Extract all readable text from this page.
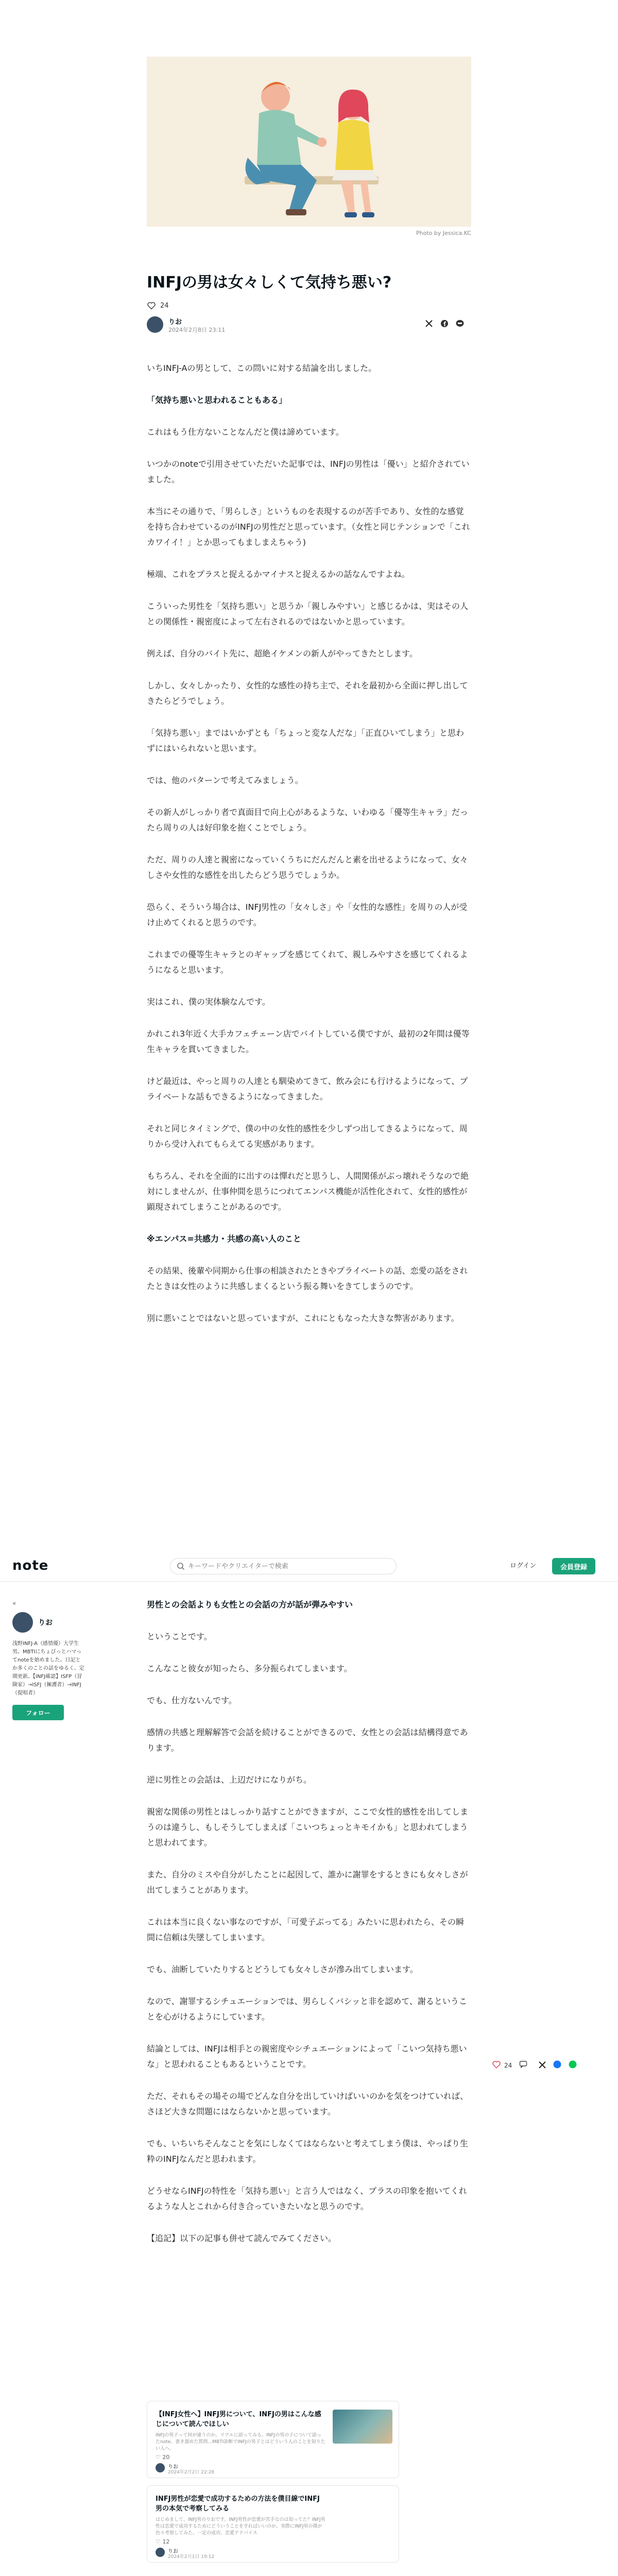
Photo by Jessica.KC
INFJの男は女々しくて気持ち悪い?
24
りお
2024年2月8日 23:11

いちINFJ-Aの男として、この問いに対する結論を出しました。

「気持ち悪いと思われることもある」

これはもう仕方ないことなんだと僕は諦めています。

いつかのnoteで引用させていただいた記事では、INFJの男性は「優い」と紹介されていました。

本当にその通りで、「男らしさ」というものを表現するのが苦手であり、女性的な感覚を持ち合わせているのがINFJの男性だと思っています。（女性と同じテンションで「これカワイイ！」とか思ってもましまえちゃう)

極端、これをプラスと捉えるかマイナスと捉えるかの話なんですよね。

こういった男性を「気持ち悪い」と思うか「親しみやすい」と感じるかは、実はその人との関係性・親密度によって左右されるのではないかと思っています。

例えば、自分のバイト先に、超絶イケメンの新人がやってきたとします。

しかし、女々しかったり、女性的な感性の持ち主で、それを最初から全面に押し出してきたらどうでしょう。

「気持ち悪い」まではいかずとも「ちょっと変な人だな」「正直ひいてしまう」と思わずにはいられないと思います。

では、他のパターンで考えてみましょう。

その新人がしっかり者で真面目で向上心があるような、いわゆる「優等生キャラ」だったら周りの人は好印象を抱くことでしょう。

ただ、周りの人達と親密になっていくうちにだんだんと素を出せるようになって、女々しさや女性的な感性を出したらどう思うでしょうか。

恐らく、そういう場合は、INFJ男性の「女々しさ」や「女性的な感性」を周りの人が受け止めてくれると思うのです。

これまでの優等生キャラとのギャップを感じてくれて、親しみやすさを感じてくれるようになると思います。

実はこれ、僕の実体験なんです。

かれこれ3年近く大手カフェチェーン店でバイトしている僕ですが、最初の2年間は優等生キャラを貫いてきました。

けど最近は、やっと周りの人達とも馴染めてきて、飲み会にも行けるようになって、プライベートな話もできるようになってきました。

それと同じタイミングで、僕の中の女性的感性を少しずつ出してきるようになって、周りから受け入れてもらえてる実感があります。

もちろん、それを全面的に出すのは憚れだと思うし、人間関係がぶっ壊れそうなので絶対にしませんが、仕事仲間を思うにつれてエンパス機能が活性化されて、女性的感性が顕現されてしまうことがあるのです。

※エンパス=共感力・共感の高い人のこと

その結果、後輩や同期から仕事の相談されたときやプライベートの話、恋愛の話をされたときは女性のように共感しまくるという振る舞いをきてしまうのです。

別に悪いことではないと思っていますが、これにともなった大きな弊害があります。

note
キーワードやクリエイターで検索	ログイン	会員登録
«
りお
浅野INFJ-A（感情優）大学生男。MBTIにちょびっとハマってnoteを始めました。日記とか多くのことの話をゆるく、定期更新。【INFJ確認】ISFP（冒険家）→ISFJ（擁護者）→INFJ（提唱者）
フォロー
24

男性との会話よりも女性との会話の方が話が弾みやすい

ということです。

こんなこと彼女が知ったら、多分振られてしまいます。

でも、仕方ないんです。

感情の共感と理解解答で会話を続けることができるので、女性との会話は結構得意であります。

逆に男性との会話は、上辺だけになりがち。

親密な関係の男性とはしっかり話すことができますが、ここで女性的感性を出してしまうのは違うし、もしそうしてしまえば「こいつちょっとキモイかも」と思われてしまうと思われてます。

また、自分のミスや自分がしたことに起因して、誰かに謝罪をするときにも女々しさが出てしまうことがあります。

これは本当に良くない事なのですが、「可愛子ぶってる」みたいに思われたら、その瞬間に信頼は失墜してしまいます。

でも、油断していたりするとどうしても女々しさが滲み出てしまいます。

なので、謝罪するシチュエーションでは、男らしくバシッと非を認めて、謝るということを心がけるようにしています。

結論としては、INFJは相手との親密度やシチュエーションによって「こいつ気持ち悪いな」と思われることもあるということです。

ただ、それもその場その場でどんな自分を出していけばいいのかを気をつけていれば、さほど大きな問題にはならないかと思っています。

でも、いちいちそんなことを気にしなくてはならないと考えてしまう僕は、やっぱり生粋のINFJなんだと思われます。

どうせならINFJの特性を「気持ち悪い」と言う人ではなく、プラスの印象を抱いてくれるような人とこれから付き合っていきたいなと思うのです。

【追記】以下の記事も併せて読んでみてください。

【INFJ女性へ】INFJ男について、INFJの男はこんな感じについて読んでほしい
INFJの男子って何が違うのか。リアルに語ってみる。INFJの男の子について語ったnote。書き溜めた質問…MBTI診断でINFJの男子とはどういう人のことを知りたい人へ。
♡ 20
りお
2024年2月2日 22:28
INFJ男性が恋愛で成功するための方法を僕目線でINFJ男の本気で考察してみる
はじめまして、INFJ男のりおです。INFJ男性が恋愛が苦手なのは知ってた？INFJ男性は恋愛で成功するためにどういうことをすればいいのか。実際にINFJ男の僕が色々考察してみた。一定の成功、恋愛アドバイス
♡ 12
りお
2024年2月1日 19:12
